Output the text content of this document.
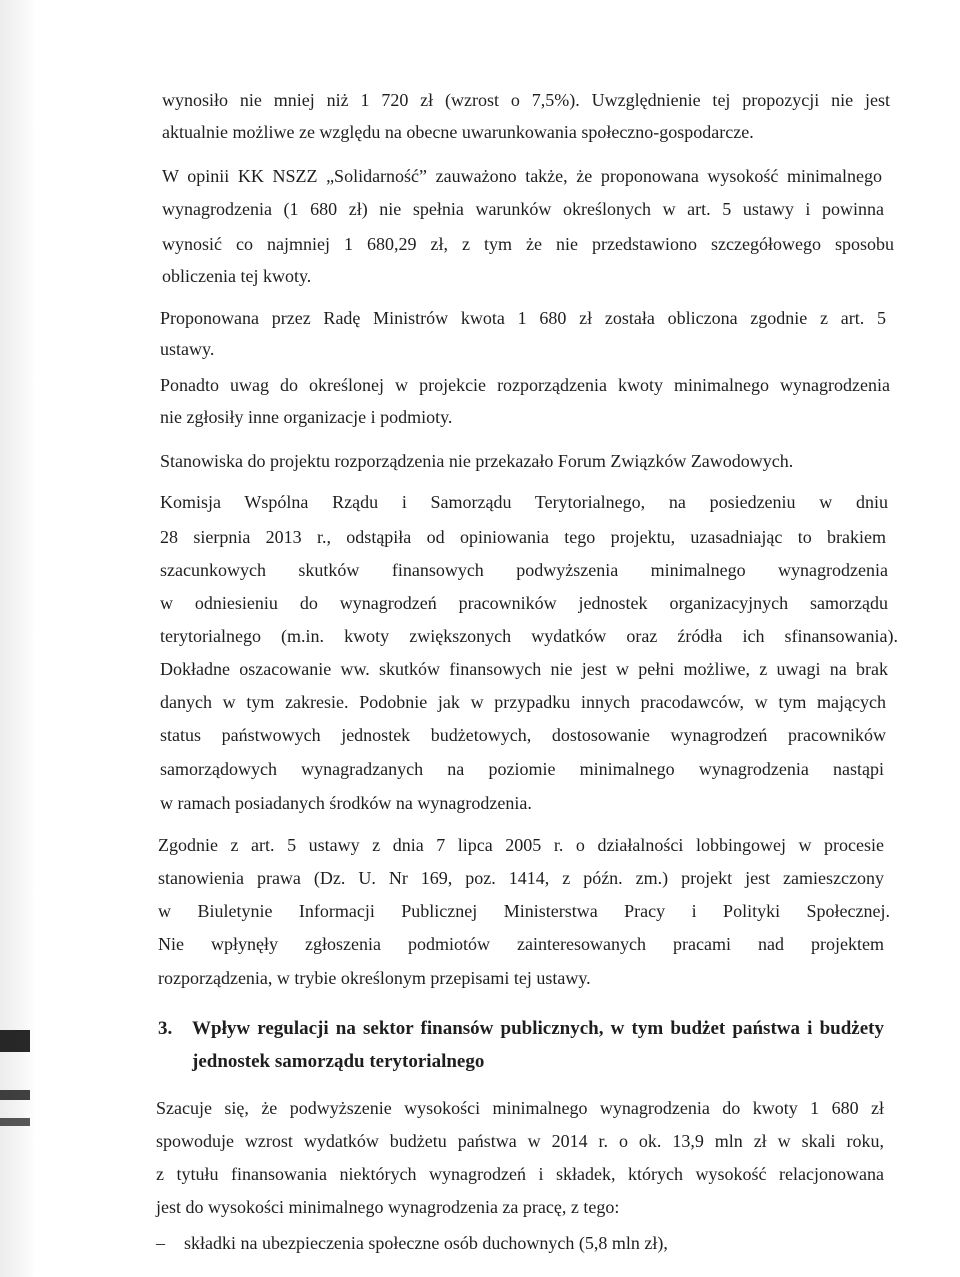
wynosiło nie mniej niż 1 720 zł (wzrost o 7,5%). Uwzględnienie tej propozycji nie jest
aktualnie możliwe ze względu na obecne uwarunkowania społeczno-gospodarcze.
W opinii KK NSZZ „Solidarność” zauważono także, że proponowana wysokość minimalnego
wynagrodzenia (1 680 zł) nie spełnia warunków określonych w art. 5 ustawy i powinna
wynosić co najmniej 1 680,29 zł, z tym że nie przedstawiono szczegółowego sposobu
obliczenia tej kwoty.
Proponowana przez Radę Ministrów kwota 1 680 zł została obliczona zgodnie z art. 5
ustawy.
Ponadto uwag do określonej w projekcie rozporządzenia kwoty minimalnego wynagrodzenia
nie zgłosiły inne organizacje i podmioty.
Stanowiska do projektu rozporządzenia nie przekazało Forum Związków Zawodowych.
Komisja Wspólna Rządu i Samorządu Terytorialnego, na posiedzeniu w dniu
28 sierpnia 2013 r., odstąpiła od opiniowania tego projektu, uzasadniając to brakiem
szacunkowych skutków finansowych podwyższenia minimalnego wynagrodzenia
w odniesieniu do wynagrodzeń pracowników jednostek organizacyjnych samorządu
terytorialnego (m.in. kwoty zwiększonych wydatków oraz źródła ich sfinansowania).
Dokładne oszacowanie ww. skutków finansowych nie jest w pełni możliwe, z uwagi na brak
danych w tym zakresie. Podobnie jak w przypadku innych pracodawców, w tym mających
status państwowych jednostek budżetowych, dostosowanie wynagrodzeń pracowników
samorządowych wynagradzanych na poziomie minimalnego wynagrodzenia nastąpi
w ramach posiadanych środków na wynagrodzenia.
Zgodnie z art. 5 ustawy z dnia 7 lipca 2005 r. o działalności lobbingowej w procesie
stanowienia prawa (Dz. U. Nr 169, poz. 1414, z późn. zm.) projekt jest zamieszczony
w Biuletynie Informacji Publicznej Ministerstwa Pracy i Polityki Społecznej.
Nie wpłynęły zgłoszenia podmiotów zainteresowanych pracami nad projektem
rozporządzenia, w trybie określonym przepisami tej ustawy.
3. Wpływ regulacji na sektor finansów publicznych, w tym budżet państwa i budżety
jednostek samorządu terytorialnego
Szacuje się, że podwyższenie wysokości minimalnego wynagrodzenia do kwoty 1 680 zł
spowoduje wzrost wydatków budżetu państwa w 2014 r. o ok. 13,9 mln zł w skali roku,
z tytułu finansowania niektórych wynagrodzeń i składek, których wysokość relacjonowana
jest do wysokości minimalnego wynagrodzenia za pracę, z tego:
– składki na ubezpieczenia społeczne osób duchownych (5,8 mln zł),
